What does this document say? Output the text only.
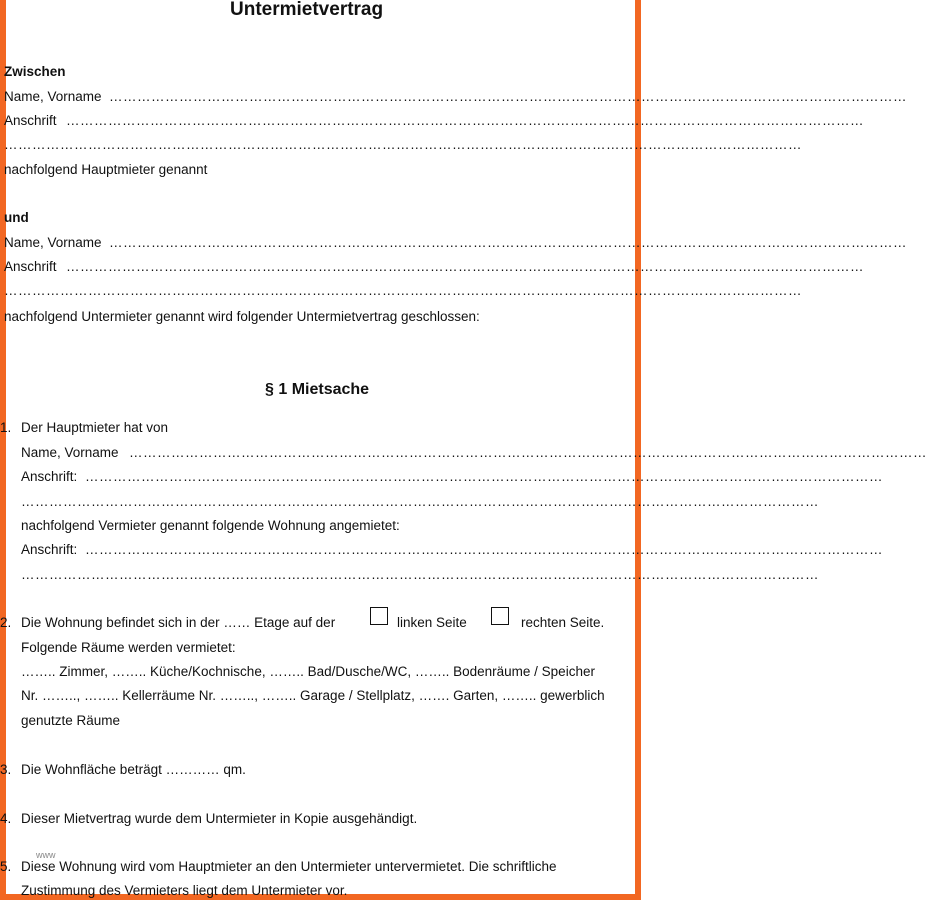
Untermietvertrag
Zwischen
Name, Vorname ………………………………………………………………………………………………………………………………………………………
Anschrift ………………………………………………………………………………………………………………………………………………………
………………………………………………………………………………………………………………………………………………………
nachfolgend Hauptmieter genannt
und
Name, Vorname ………………………………………………………………………………………………………………………………………………………
Anschrift ………………………………………………………………………………………………………………………………………………………
………………………………………………………………………………………………………………………………………………………
nachfolgend Untermieter genannt wird folgender Untermietvertrag geschlossen:
§ 1 Mietsache
1. Der Hauptmieter hat von
Name, Vorname ………………………………………………………………………………………………………………………………………………………
Anschrift: ………………………………………………………………………………………………………………………………………………………
………………………………………………………………………………………………………………………………………………………
nachfolgend Vermieter genannt folgende Wohnung angemietet:
Anschrift: ………………………………………………………………………………………………………………………………………………………
………………………………………………………………………………………………………………………………………………………
2. Die Wohnung befindet sich in der …… Etage auf der	linken Seite	rechten Seite.
Folgende Räume werden vermietet:
…….. Zimmer, …….. Küche/Kochnische, …….. Bad/Dusche/WC, …….. Bodenräume / Speicher
Nr. …….., …….. Kellerräume Nr. …….., …….. Garage / Stellplatz, ……. Garten, …….. gewerblich
genutzte Räume
3. Die Wohnfläche beträgt ………… qm.
4. Dieser Mietvertrag wurde dem Untermieter in Kopie ausgehändigt.
www
5. Diese Wohnung wird vom Hauptmieter an den Untermieter untervermietet. Die schriftliche
Zustimmung des Vermieters liegt dem Untermieter vor.
